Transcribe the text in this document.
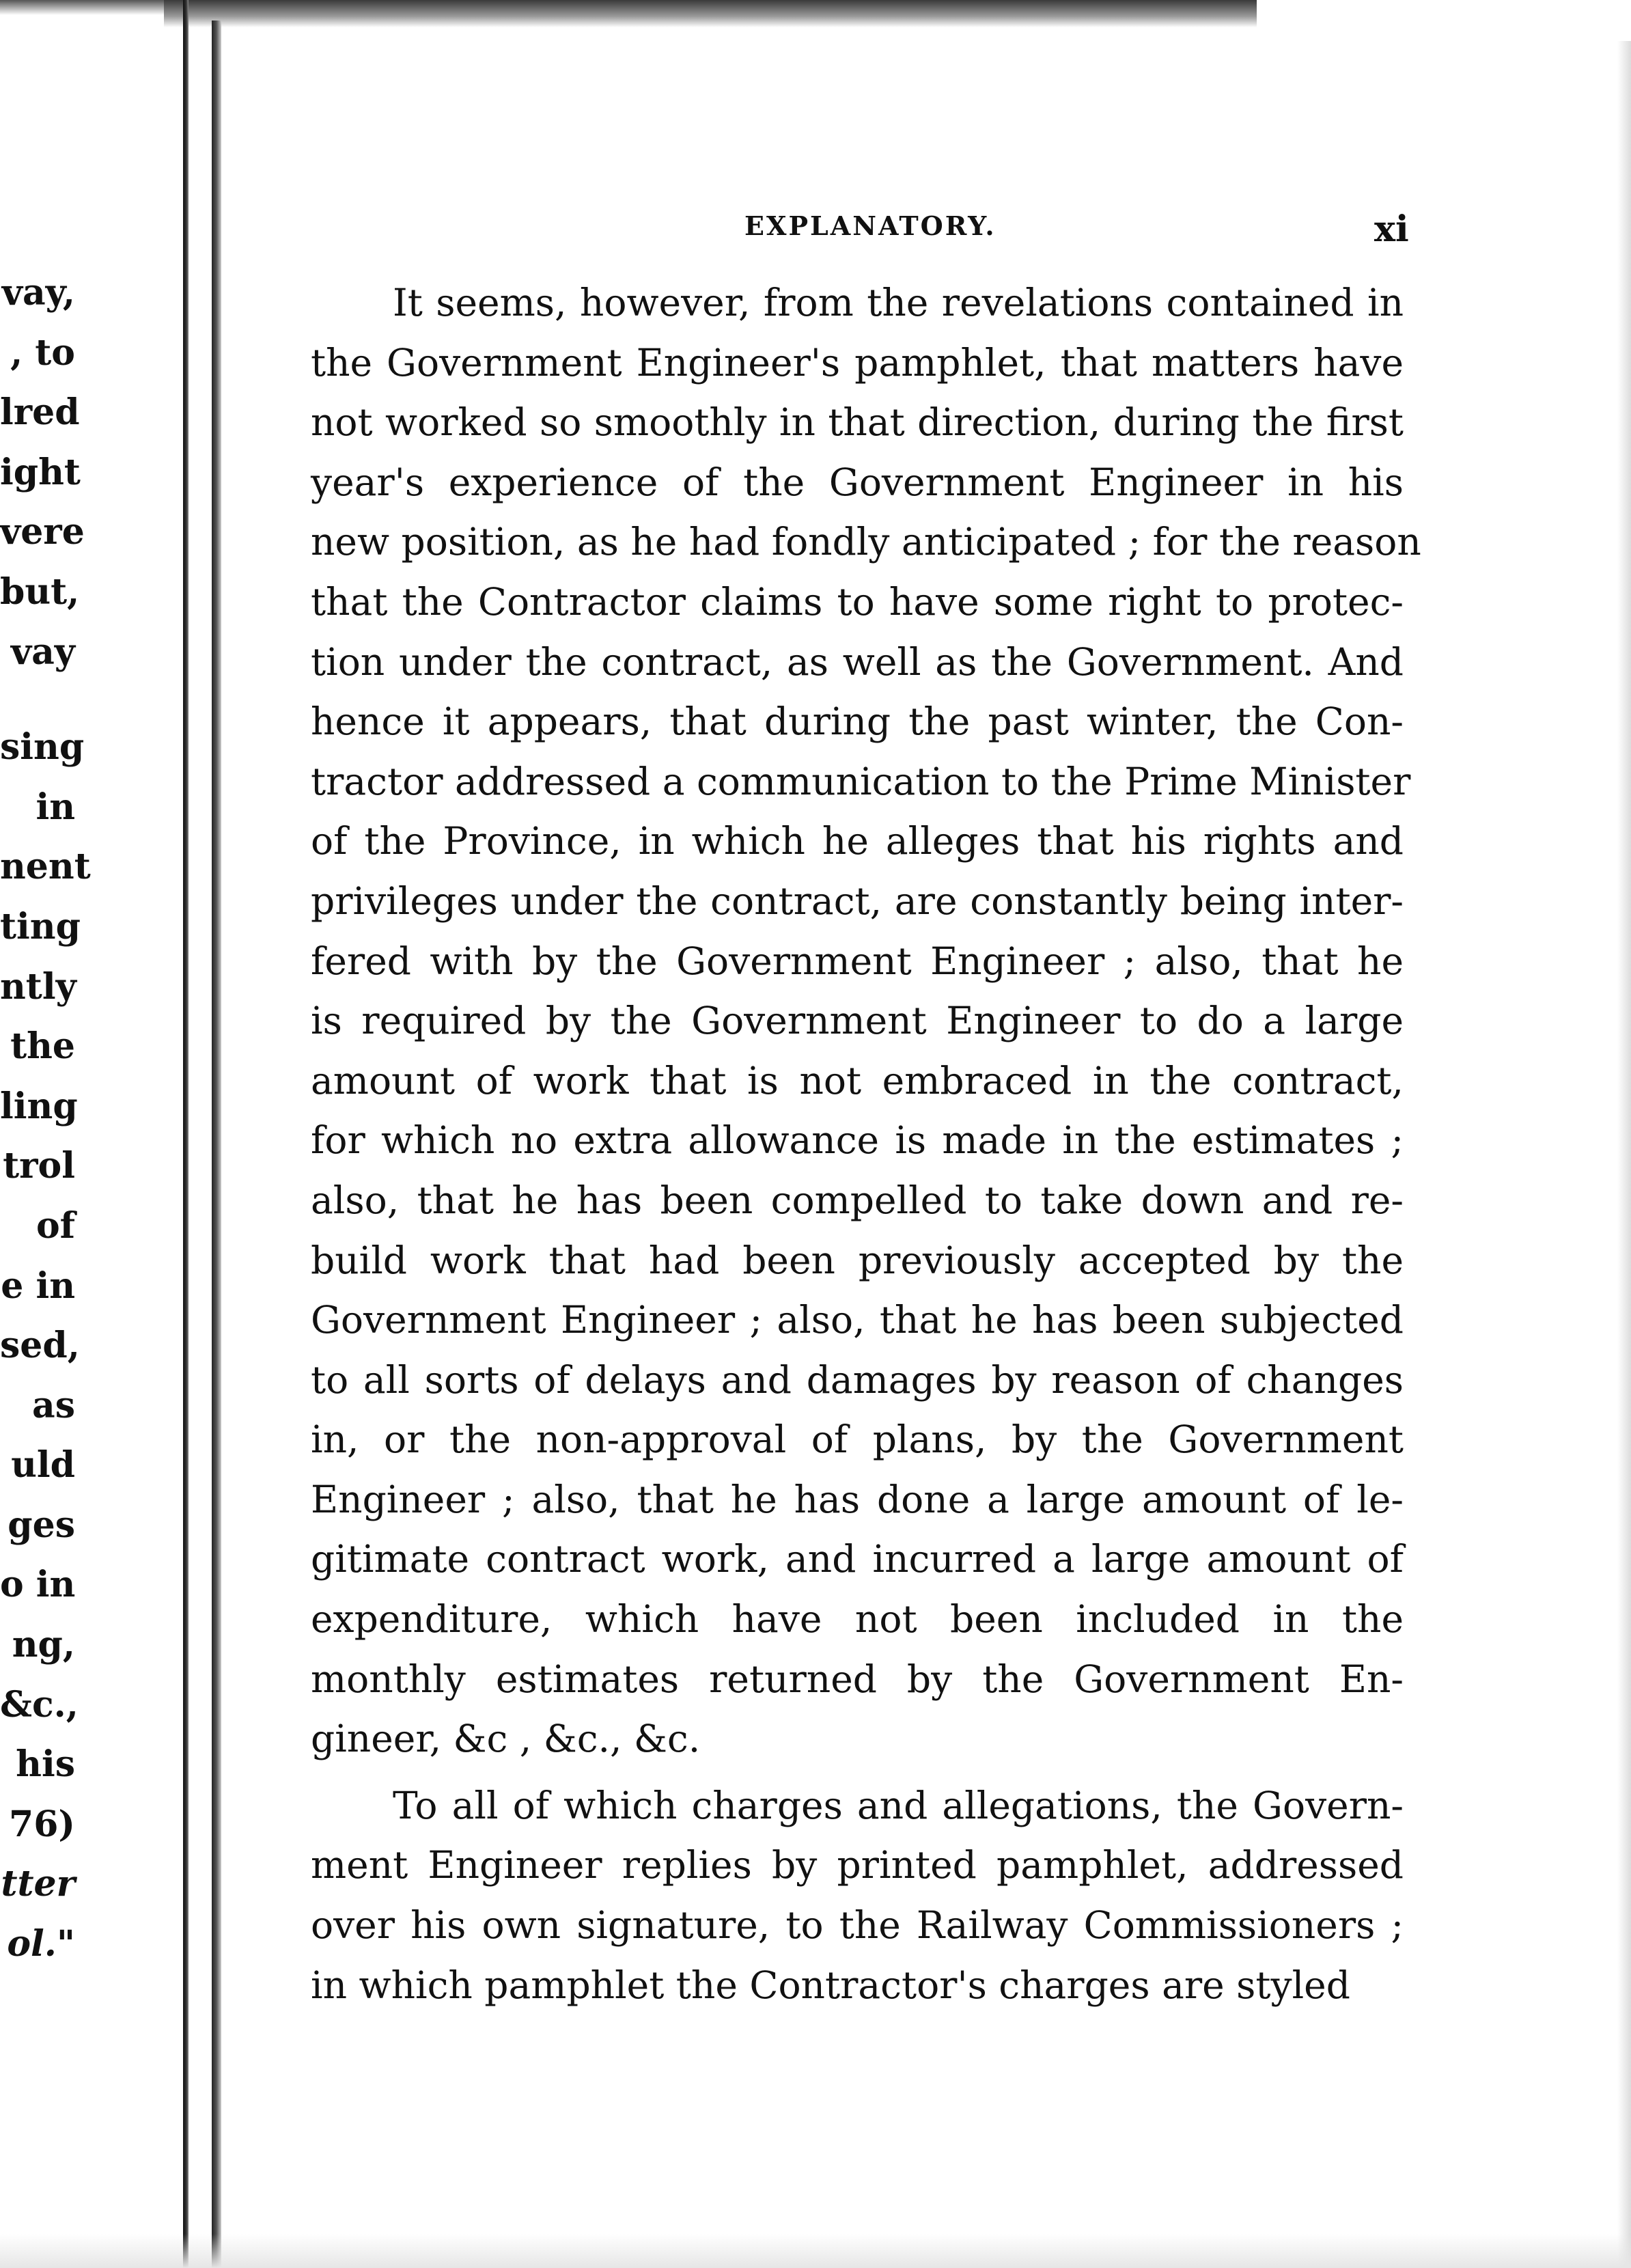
vay,
, to
lred
ight
vere
but,
vay
sing
in
nent
ting
ntly
the
ling
trol
of
e in
sed,
as
uld
ges
o in
ng,
&c.,
his
76)
tter
ol."
EXPLANATORY.	xi
It seems, however, from the revelations contained in
the Government Engineer's pamphlet, that matters have
not worked so smoothly in that direction, during the first
year's experience of the Government Engineer in his
new position, as he had fondly anticipated ; for the reason
that the Contractor claims to have some right to protec-
tion under the contract, as well as the Government. And
hence it appears, that during the past winter, the Con-
tractor addressed a communication to the Prime Minister
of the Province, in which he alleges that his rights and
privileges under the contract, are constantly being inter-
fered with by the Government Engineer ; also, that he
is required by the Government Engineer to do a large
amount of work that is not embraced in the contract,
for which no extra allowance is made in the estimates ;
also, that he has been compelled to take down and re-
build work that had been previously accepted by the
Government Engineer ; also, that he has been subjected
to all sorts of delays and damages by reason of changes
in, or the non-approval of plans, by the Government
Engineer ; also, that he has done a large amount of le-
gitimate contract work, and incurred a large amount of
expenditure, which have not been included in the
monthly estimates returned by the Government En-
gineer, &c , &c., &c.
To all of which charges and allegations, the Govern-
ment Engineer replies by printed pamphlet, addressed
over his own signature, to the Railway Commissioners ;
in which pamphlet the Contractor's charges are styled
